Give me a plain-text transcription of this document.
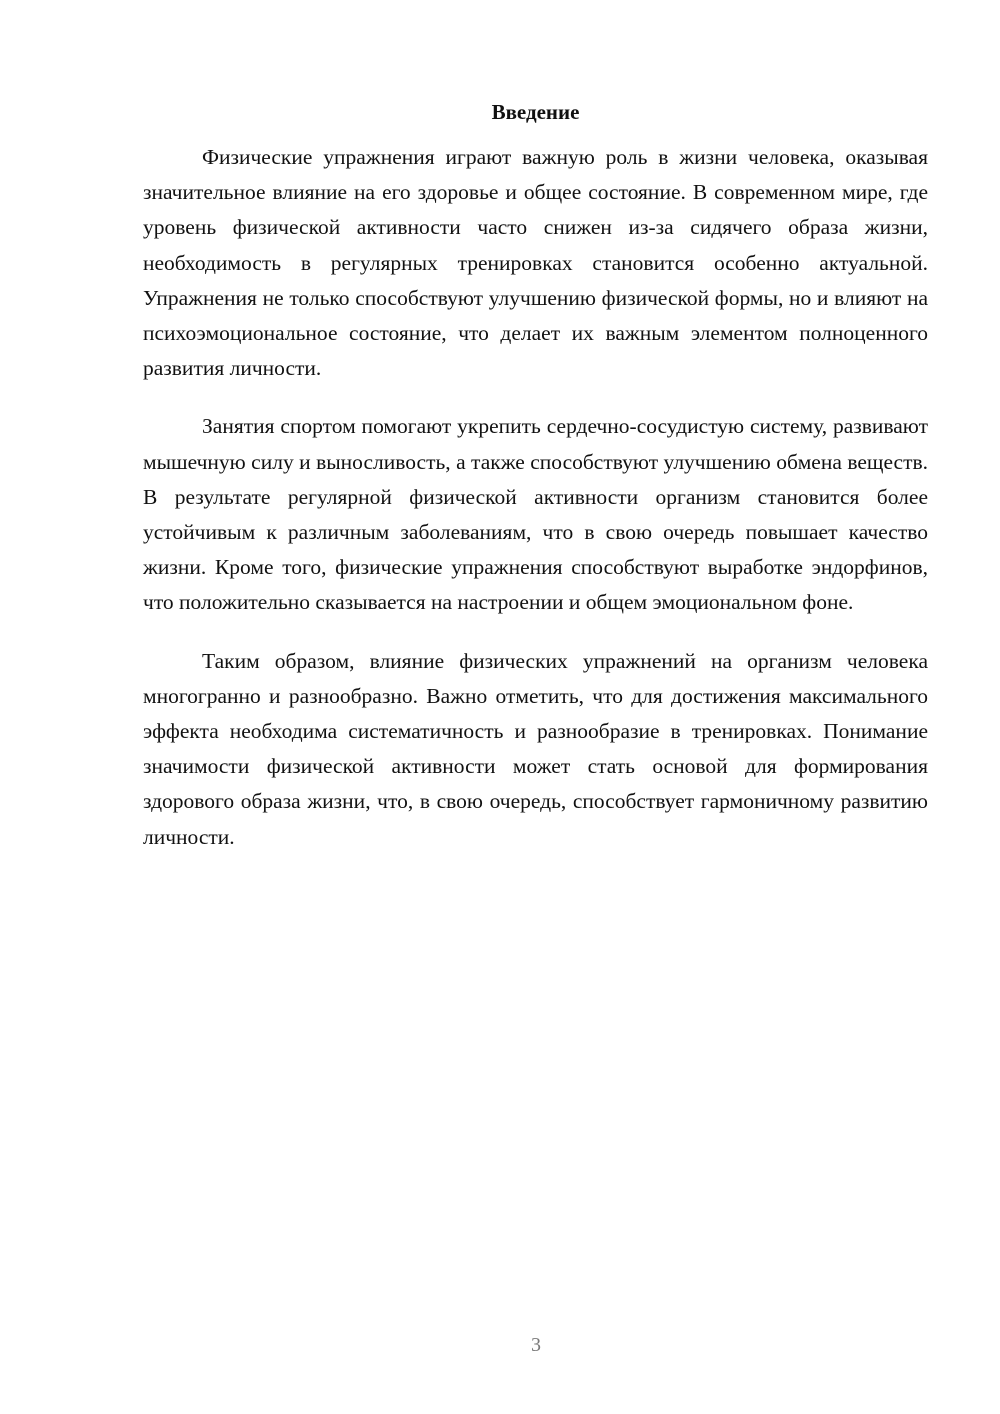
Введение

Физические упражнения играют важную роль в жизни человека, оказывая значительное влияние на его здоровье и общее состояние. В современном мире, где уровень физической активности часто снижен из-за сидячего образа жизни, необходимость в регулярных тренировках становится особенно актуальной. Упражнения не только способствуют улучшению физической формы, но и влияют на психоэмоциональное состояние, что делает их важным элементом полноценного развития личности.

Занятия спортом помогают укрепить сердечно-сосудистую систему, развивают мышечную силу и выносливость, а также способствуют улучшению обмена веществ. В результате регулярной физической активности организм становится более устойчивым к различным заболеваниям, что в свою очередь повышает качество жизни. Кроме того, физические упражнения способствуют выработке эндорфинов, что положительно сказывается на настроении и общем эмоциональном фоне.

Таким образом, влияние физических упражнений на организм человека многогранно и разнообразно. Важно отметить, что для достижения максимального эффекта необходима систематичность и разнообразие в тренировках. Понимание значимости физической активности может стать основой для формирования здорового образа жизни, что, в свою очередь, способствует гармоничному развитию личности.

3
